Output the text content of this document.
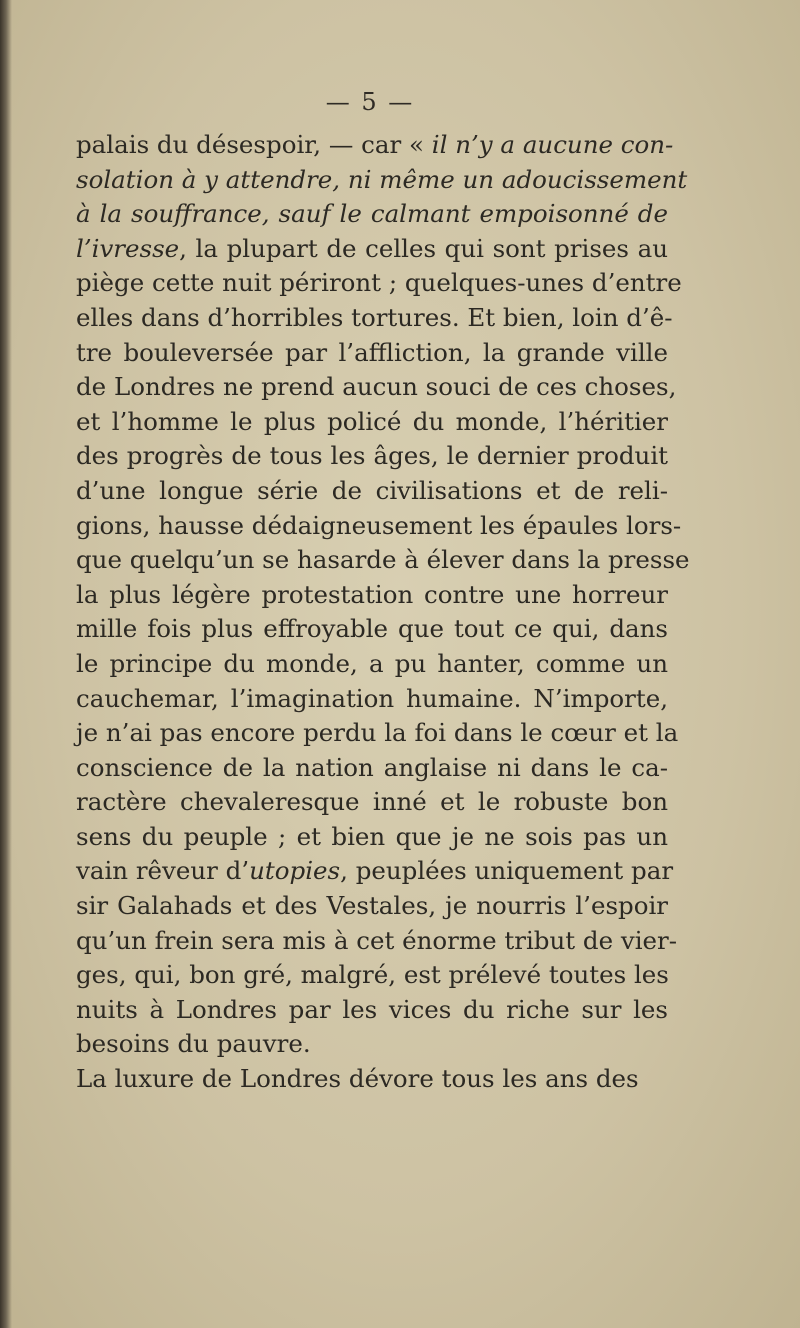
— 5 —
palais du désespoir, — car « il n’y a aucune con-
solation à y attendre, ni même un adoucissement
à la souffrance, sauf le calmant empoisonné de
l’ivresse, la plupart de celles qui sont prises au
piège cette nuit périront ; quelques-unes d’entre
elles dans d’horribles tortures. Et bien, loin d’ê-
tre bouleversée par l’affliction, la grande ville
de Londres ne prend aucun souci de ces choses,
et l’homme le plus policé du monde, l’héritier
des progrès de tous les âges, le dernier produit
d’une longue série de civilisations et de reli-
gions, hausse dédaigneusement les épaules lors-
que quelqu’un se hasarde à élever dans la presse
la plus légère protestation contre une horreur
mille fois plus effroyable que tout ce qui, dans
le principe du monde, a pu hanter, comme un
cauchemar, l’imagination humaine. N’importe,
je n’ai pas encore perdu la foi dans le cœur et la
conscience de la nation anglaise ni dans le ca-
ractère chevaleresque inné et le robuste bon
sens du peuple ; et bien que je ne sois pas un
vain rêveur d’utopies, peuplées uniquement par
sir Galahads et des Vestales, je nourris l’espoir
qu’un frein sera mis à cet énorme tribut de vier-
ges, qui, bon gré, malgré, est prélevé toutes les
nuits à Londres par les vices du riche sur les
besoins du pauvre.
La luxure de Londres dévore tous les ans des
